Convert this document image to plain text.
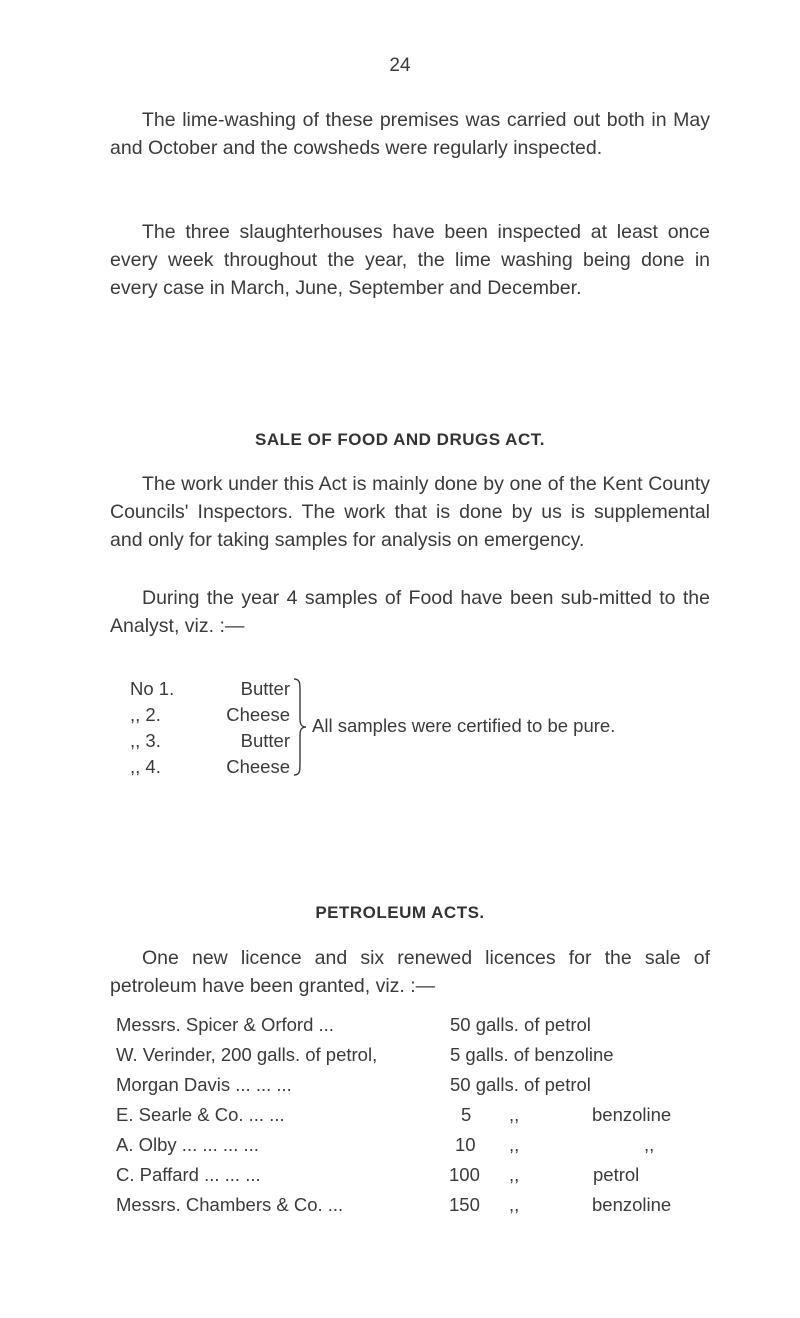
24

The lime-washing of these premises was carried out both in May and October and the cowsheds were regularly inspected.

The three slaughterhouses have been inspected at least once every week throughout the year, the lime washing being done in every case in March, June, September and December.

SALE OF FOOD AND DRUGS ACT.

The work under this Act is mainly done by one of the Kent County Councils' Inspectors. The work that is done by us is supplemental and only for taking samples for analysis on emergency.

During the year 4 samples of Food have been sub-mitted to the Analyst, viz. :—

No 1.	Butter
,, 2.	Cheese
,, 3.	Butter
,, 4.	Cheese
All samples were certified to be pure.
PETROLEUM ACTS.

One new licence and six renewed licences for the sale of petroleum have been granted, viz. :—

Messrs. Spicer & Orford ...	50 galls. of petrol
W. Verinder, 200 galls. of petrol,	5 galls. of benzoline
Morgan Davis ... ... ...	50 galls. of petrol
E. Searle & Co. ... ...	5 ,,	benzoline
A. Olby ... ... ... ...	10 ,,	,,
C. Paffard ... ... ...	100 ,,	petrol
Messrs. Chambers & Co. ...	150 ,,	benzoline
